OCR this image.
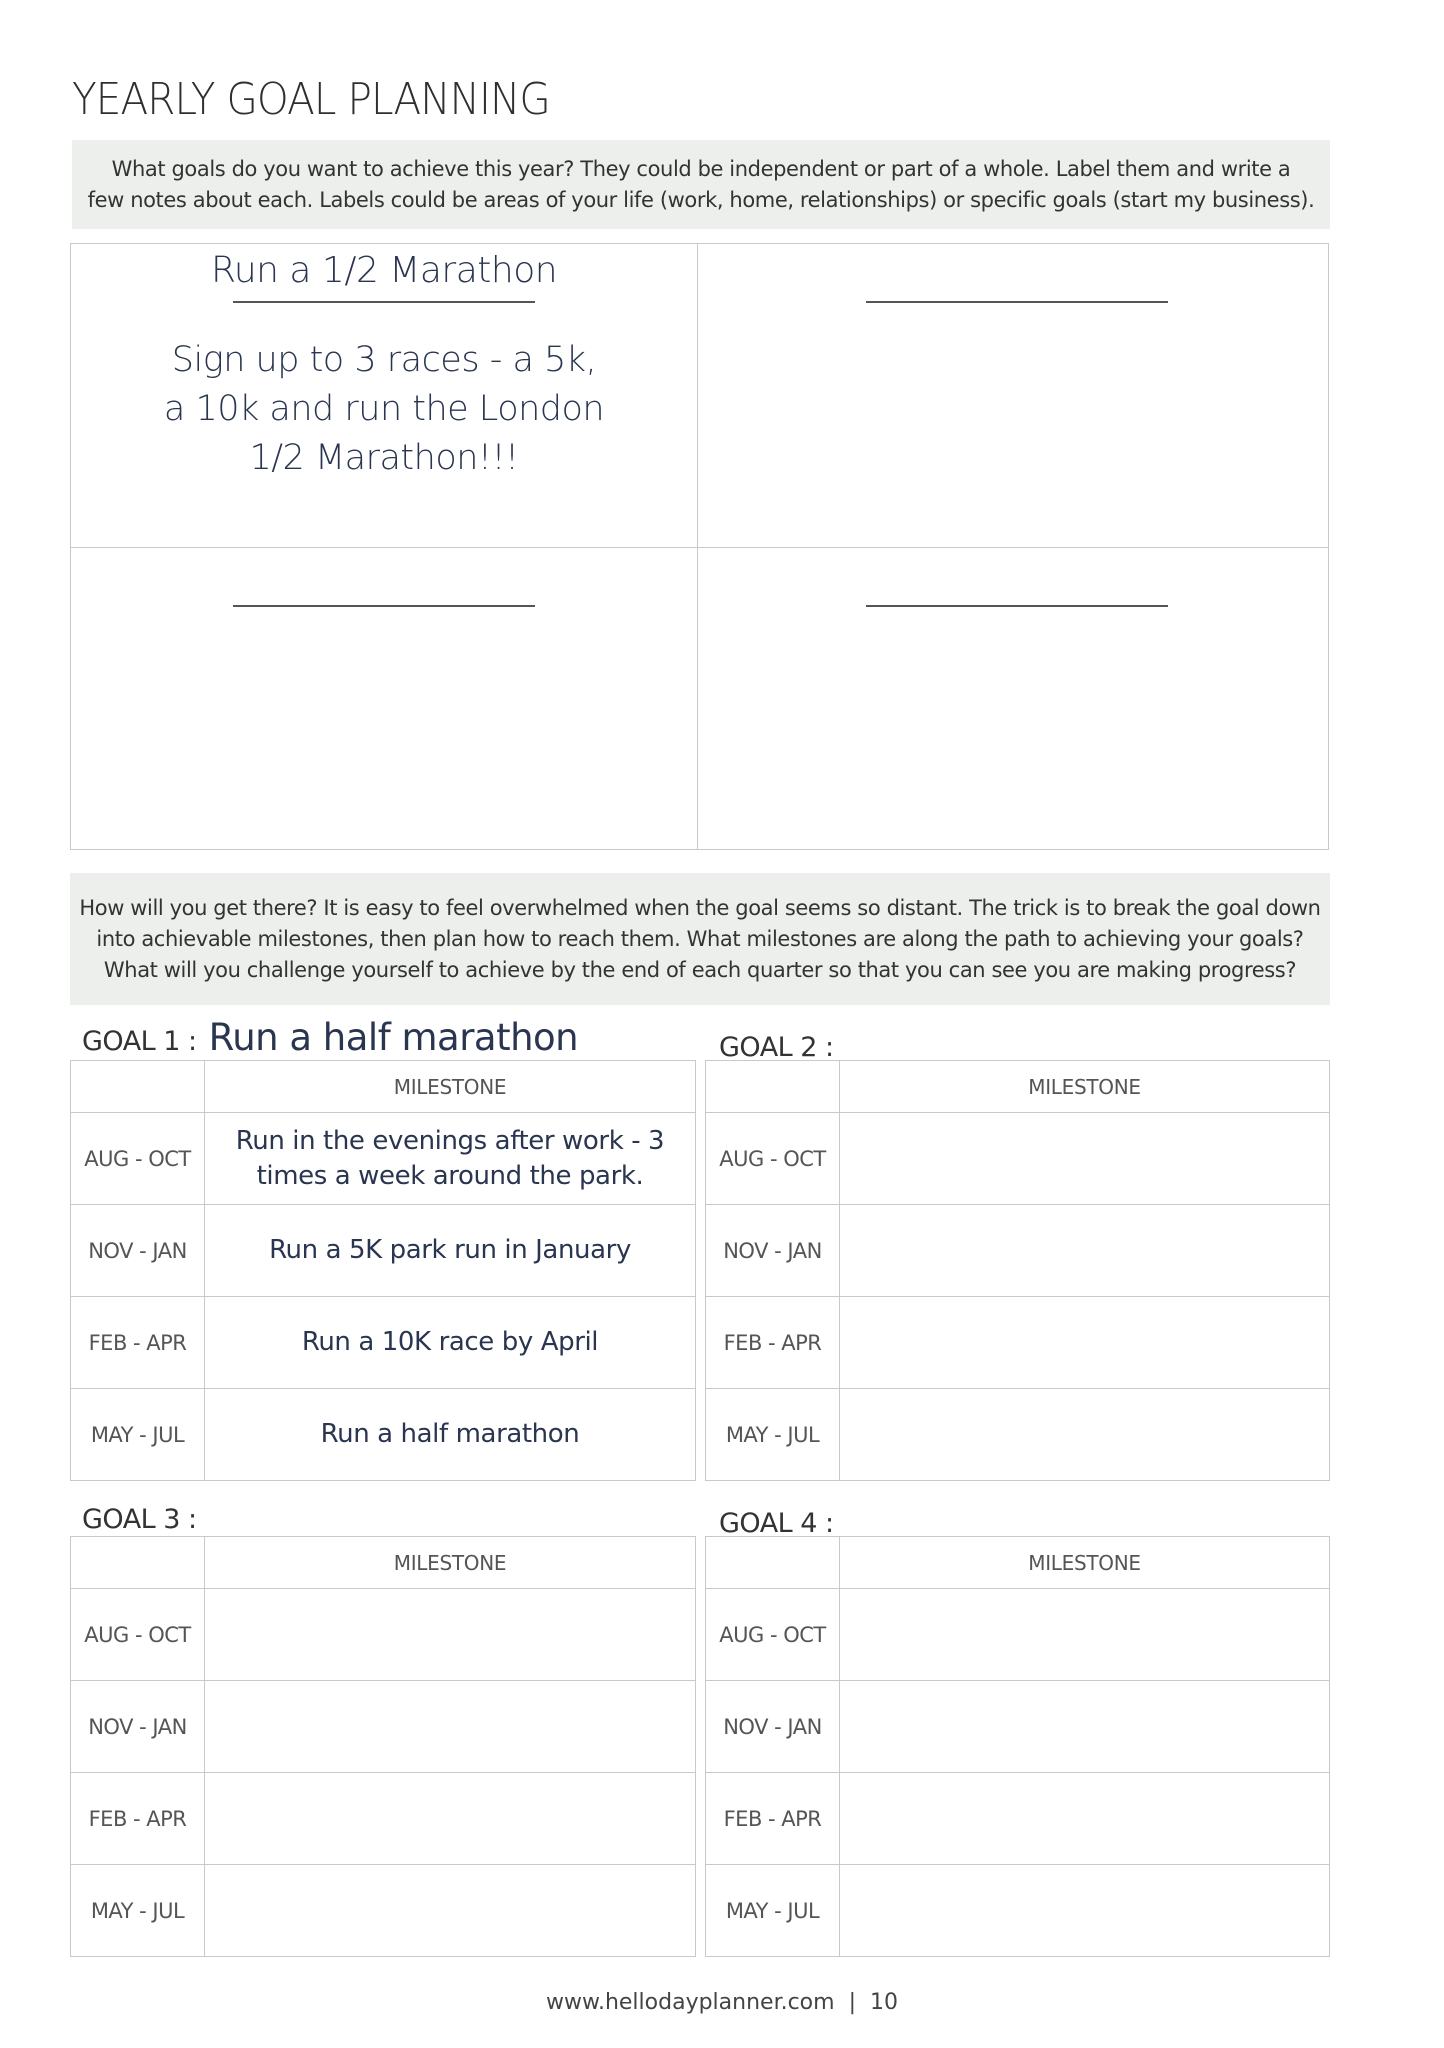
YEARLY GOAL PLANNING
What goals do you want to achieve this year? They could be independent or part of a whole. Label them and write a
few notes about each. Labels could be areas of your life (work, home, relationships) or specific goals (start my business).
Run a 1/2 Marathon
Sign up to 3 races - a 5k,
a 10k and run the London
1/2 Marathon!!!
How will you get there? It is easy to feel overwhelmed when the goal seems so distant. The trick is to break the goal down
into achievable milestones, then plan how to reach them. What milestones are along the path to achieving your goals?
What will you challenge yourself to achieve by the end of each quarter so that you can see you are making progress?
GOAL 1 : Run a half marathon
	MILESTONE
AUG - OCT	Run in the evenings after work - 3 times a week around the park.
NOV - JAN	Run a 5K park run in January
FEB - APR	Run a 10K race by April
MAY - JUL	Run a half marathon
GOAL 2 :
	MILESTONE
AUG - OCT	
NOV - JAN	
FEB - APR	
MAY - JUL	
GOAL 3 :
	MILESTONE
AUG - OCT	
NOV - JAN	
FEB - APR	
MAY - JUL	
GOAL 4 :
	MILESTONE
AUG - OCT	
NOV - JAN	
FEB - APR	
MAY - JUL	
www.hellodayplanner.com | 10
